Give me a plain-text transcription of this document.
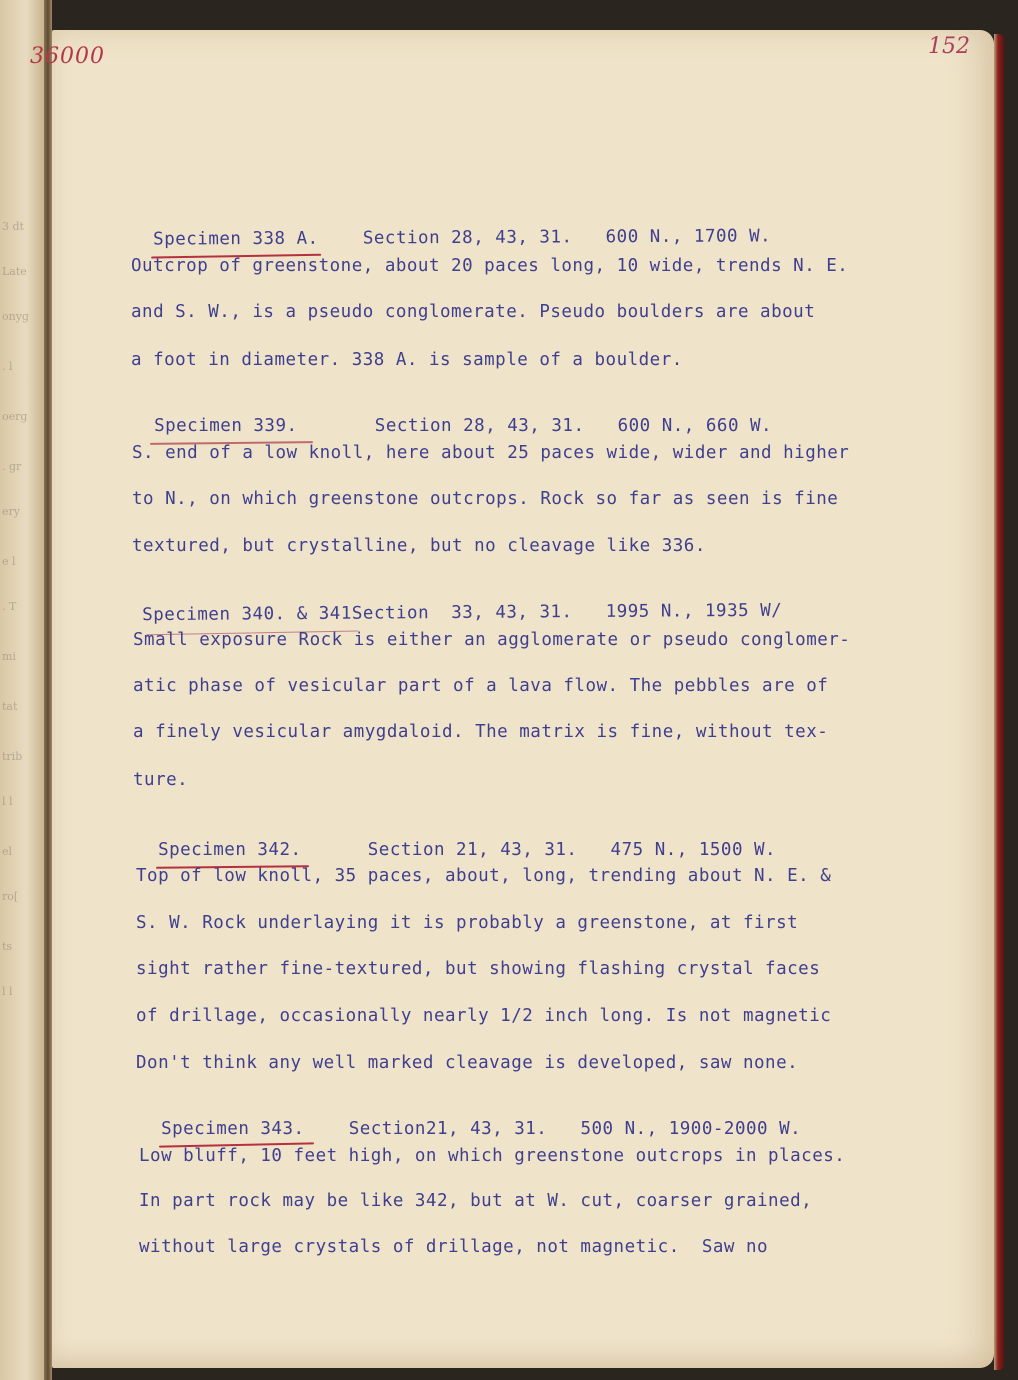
3 dt
Late
onyg
. l
oerg
. gr
ery
e l
. T
mi
tat
trib
l l
el
ro[
ts
l l
36000	152

Specimen 338 A.
Section 28, 43, 31.   600 N., 1700 W.

Outcrop of greenstone, about 20 paces long, 10 wide, trends N. E.
and S. W., is a pseudo conglomerate. Pseudo boulders are about
a foot in diameter. 338 A. is sample of a boulder.

Specimen 339.
Section 28, 43, 31.   600 N., 660 W.

S. end of a low knoll, here about 25 paces wide, wider and higher
to N., on which greenstone outcrops. Rock so far as seen is fine
textured, but crystalline, but no cleavage like 336.

Specimen 340. & 341
Section  33, 43, 31.   1995 N., 1935 W/

Small exposure Rock is either an agglomerate or pseudo conglomer-
atic phase of vesicular part of a lava flow. The pebbles are of
a finely vesicular amygdaloid. The matrix is fine, without tex-
ture.

Specimen 342.
Section 21, 43, 31.   475 N., 1500 W.

Top of low knoll, 35 paces, about, long, trending about N. E. &
S. W. Rock underlaying it is probably a greenstone, at first
sight rather fine-textured, but showing flashing crystal faces
of drillage, occasionally nearly 1/2 inch long. Is not magnetic
Don't think any well marked cleavage is developed, saw none.

Specimen 343.
Section21, 43, 31.   500 N., 1900-2000 W.

Low bluff, 10 feet high, on which greenstone outcrops in places.
In part rock may be like 342, but at W. cut, coarser grained,
without large crystals of drillage, not magnetic.  Saw no
